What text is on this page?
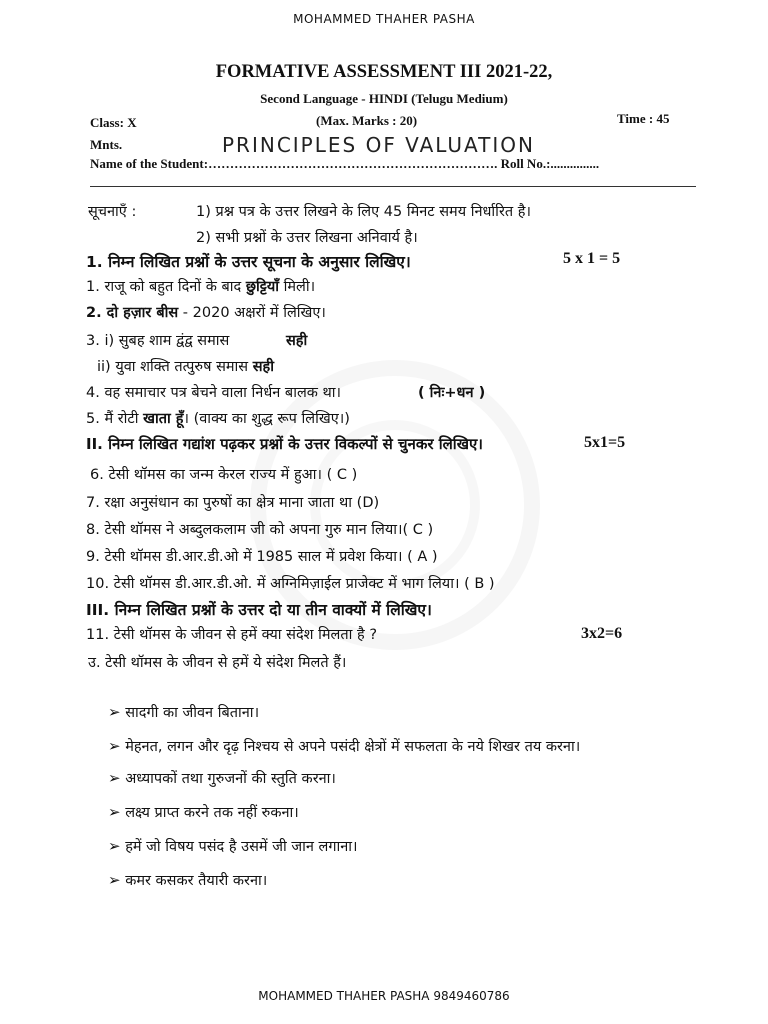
MOHAMMED THAHER PASHA
FORMATIVE ASSESSMENT III 2021-22,
Second Language - HINDI (Telugu Medium)
Class: X	(Max. Marks : 20)	Time : 45
Mnts.	PRINCIPLES OF VALUATION
Name of the Student:…………………………………………………………. Roll No.:...............
सूचनाएँ :	1) प्रश्न पत्र के उत्तर लिखने के लिए 45 मिनट समय निर्धारित है।
2) सभी प्रश्नों के उत्तर लिखना अनिवार्य है।
1. निम्न लिखित प्रश्नों के उत्तर सूचना के अनुसार लिखिए।	5 x 1 = 5
1. राजू को बहुत दिनों के बाद छुट्टियाँ मिली।
2. दो हज़ार बीस - 2020 अक्षरों में लिखिए।
3. i) सुबह शाम द्वंद्व समास	सही
ii) युवा शक्ति तत्पुरुष समास सही
4. वह समाचार पत्र बेचने वाला निर्धन बालक था।	( निः+धन )
5. मैं रोटी खाता हूँ। (वाक्य का शुद्ध रूप लिखिए।)
II. निम्न लिखित गद्यांश पढ़कर प्रश्नों के उत्तर विकल्पों से चुनकर लिखिए।	5x1=5
6. टेसी थॉमस का जन्म केरल राज्य में हुआ। ( C )
7. रक्षा अनुसंधान का पुरुषों का क्षेत्र माना जाता था (D)
8. टेसी थॉमस ने अब्दुलकलाम जी को अपना गुरु मान लिया।( C )
9. टेसी थॉमस डी.आर.डी.ओ में 1985 साल में प्रवेश किया। ( A )
10. टेसी थॉमस डी.आर.डी.ओ. में अग्निमिज़ाईल प्राजेक्ट में भाग लिया। ( B )
III. निम्न लिखित प्रश्नों के उत्तर दो या तीन वाक्यों में लिखिए।
11. टेसी थॉमस के जीवन से हमें क्या संदेश मिलता है ?	3x2=6
उ. टेसी थॉमस के जीवन से हमें ये संदेश मिलते हैं।
➢ सादगी का जीवन बिताना।
➢ मेहनत, लगन और दृढ़ निश्चय से अपने पसंदी क्षेत्रों में सफलता के नये शिखर तय करना।
➢ अध्यापकों तथा गुरुजनों की स्तुति करना।
➢ लक्ष्य प्राप्त करने तक नहीं रुकना।
➢ हमें जो विषय पसंद है उसमें जी जान लगाना।
➢ कमर कसकर तैयारी करना।
MOHAMMED THAHER PASHA 9849460786
